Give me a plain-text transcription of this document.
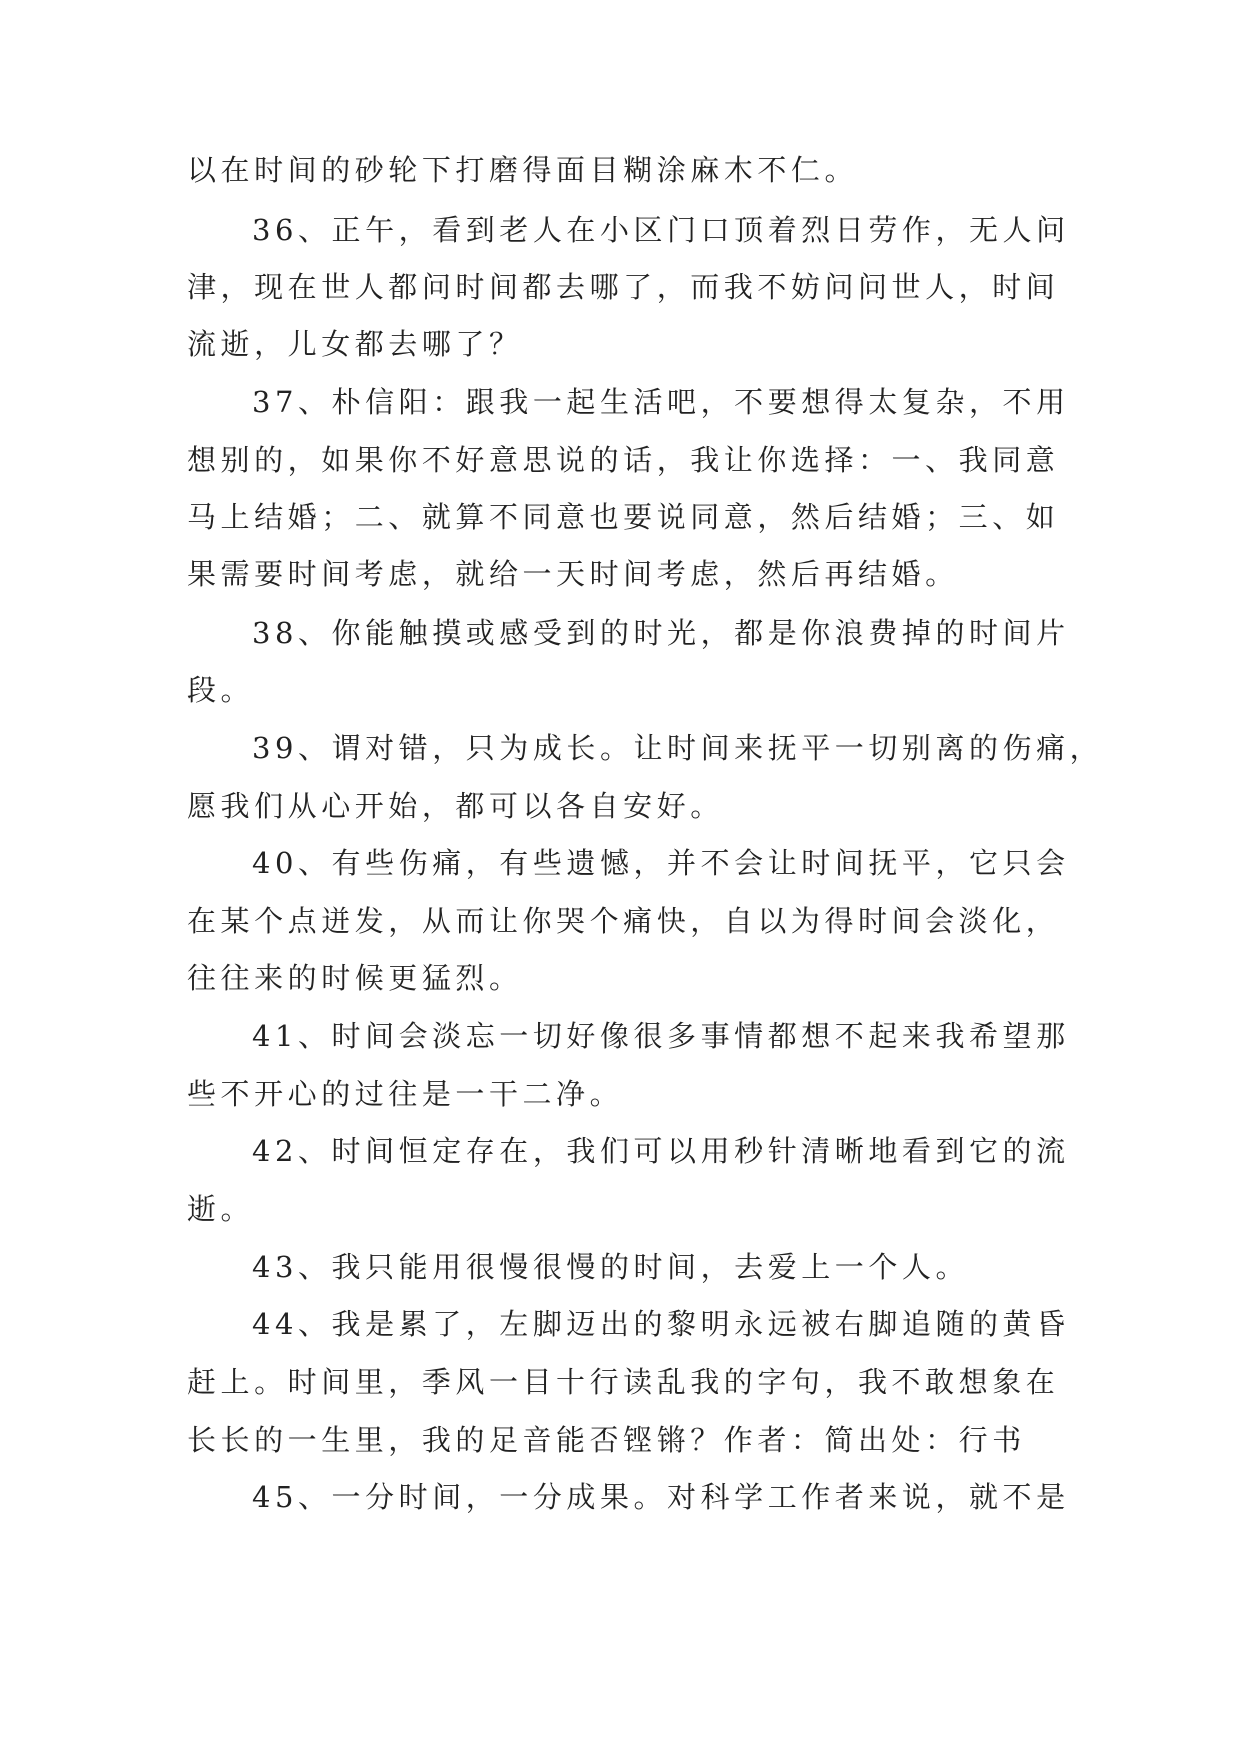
以在时间的砂轮下打磨得面目糊涂麻木不仁。
36、正午，看到老人在小区门口顶着烈日劳作，无人问
津，现在世人都问时间都去哪了，而我不妨问问世人，时间
流逝，儿女都去哪了？
37、朴信阳：跟我一起生活吧，不要想得太复杂，不用
想别的，如果你不好意思说的话，我让你选择：一、我同意
马上结婚；二、就算不同意也要说同意，然后结婚；三、如
果需要时间考虑，就给一天时间考虑，然后再结婚。
38、你能触摸或感受到的时光，都是你浪费掉的时间片
段。
39、谓对错，只为成长。让时间来抚平一切别离的伤痛，
愿我们从心开始，都可以各自安好。
40、有些伤痛，有些遗憾，并不会让时间抚平，它只会
在某个点迸发，从而让你哭个痛快，自以为得时间会淡化，
往往来的时候更猛烈。
41、时间会淡忘一切好像很多事情都想不起来我希望那
些不开心的过往是一干二净。
42、时间恒定存在，我们可以用秒针清晰地看到它的流
逝。
43、我只能用很慢很慢的时间，去爱上一个人。
44、我是累了，左脚迈出的黎明永远被右脚追随的黄昏
赶上。时间里，季风一目十行读乱我的字句，我不敢想象在
长长的一生里，我的足音能否铿锵？作者：简出处：行书
45、一分时间，一分成果。对科学工作者来说，就不是
